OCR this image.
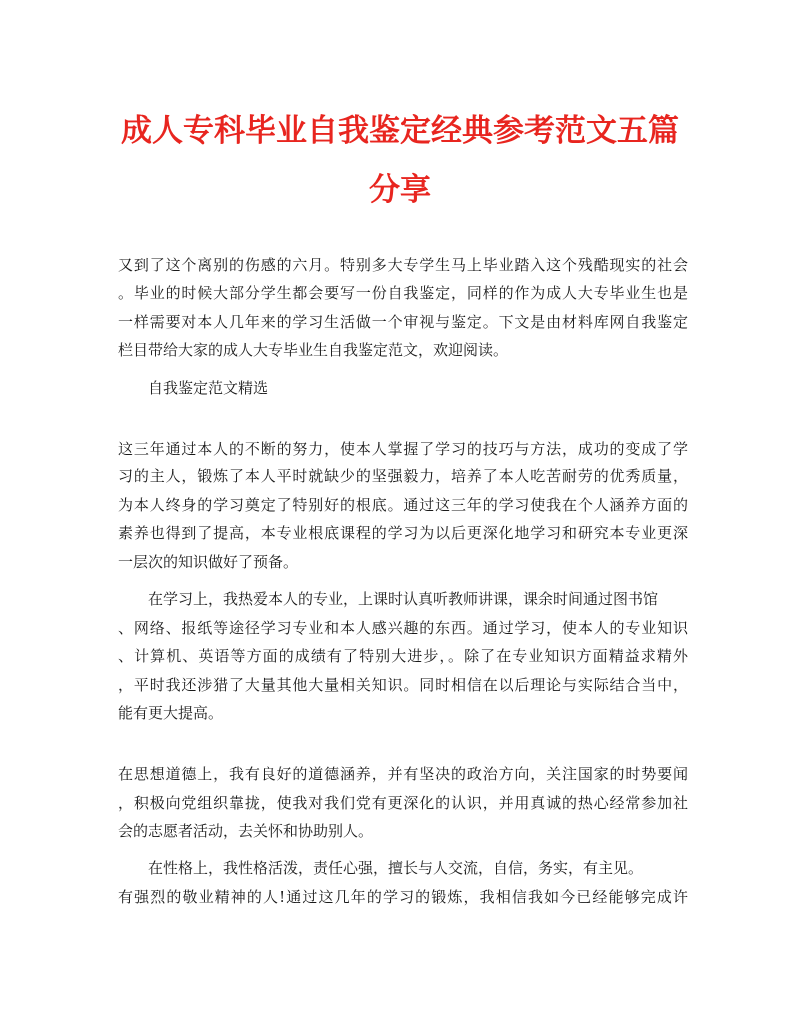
成人专科毕业自我鉴定经典参考范文五篇
分享
又到了这个离别的伤感的六月。特别多大专学生马上毕业踏入这个残酷现实的社会
。毕业的时候大部分学生都会要写一份自我鉴定，同样的作为成人大专毕业生也是
一样需要对本人几年来的学习生活做一个审视与鉴定。下文是由材料库网自我鉴定
栏目带给大家的成人大专毕业生自我鉴定范文，欢迎阅读。
自我鉴定范文精选
这三年通过本人的不断的努力，使本人掌握了学习的技巧与方法，成功的变成了学
习的主人，锻炼了本人平时就缺少的坚强毅力，培养了本人吃苦耐劳的优秀质量，
为本人终身的学习奠定了特别好的根底。通过这三年的学习使我在个人涵养方面的
素养也得到了提高，本专业根底课程的学习为以后更深化地学习和研究本专业更深
一层次的知识做好了预备。
在学习上，我热爱本人的专业，上课时认真听教师讲课，课余时间通过图书馆
、网络、报纸等途径学习专业和本人感兴趣的东西。通过学习，使本人的专业知识
、计算机、英语等方面的成绩有了特别大进步，。除了在专业知识方面精益求精外
，平时我还涉猎了大量其他大量相关知识。同时相信在以后理论与实际结合当中，
能有更大提高。
在思想道德上，我有良好的道德涵养，并有坚决的政治方向，关注国家的时势要闻
，积极向党组织靠拢，使我对我们党有更深化的认识，并用真诚的热心经常参加社
会的志愿者活动，去关怀和协助别人。
在性格上，我性格活泼，责任心强，擅长与人交流，自信，务实，有主见。
有强烈的敬业精神的人!通过这几年的学习的锻炼，我相信我如今已经能够完成许
